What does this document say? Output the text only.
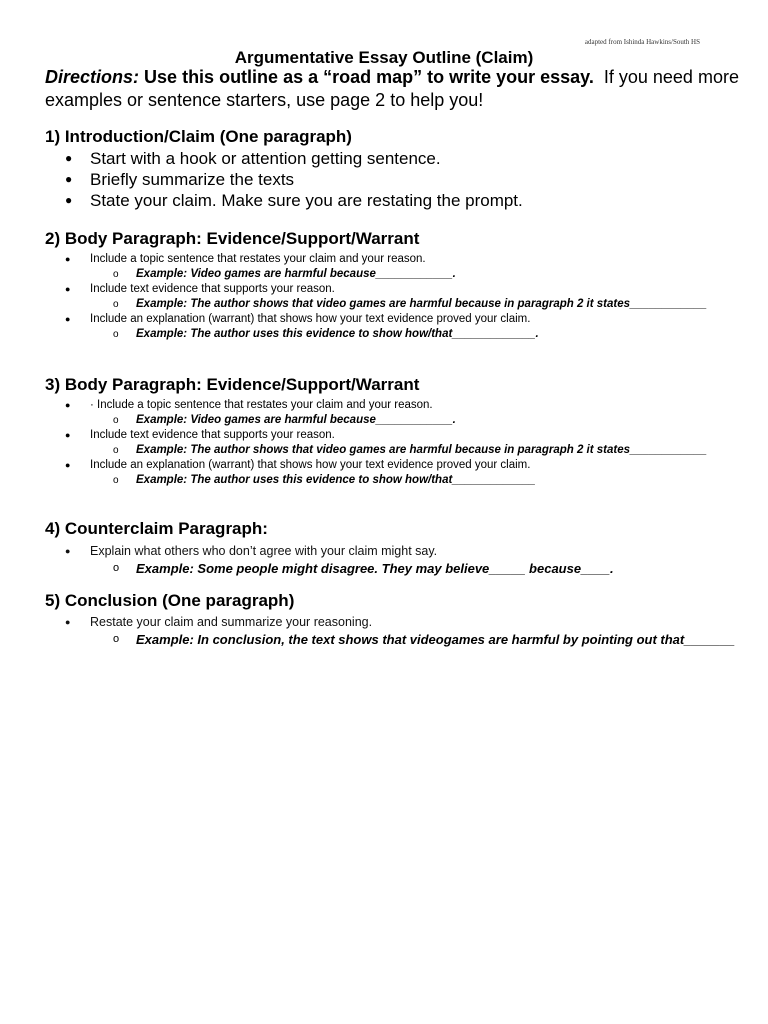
adapted from Ishinda Hawkins/South HS
Argumentative Essay Outline (Claim)
Directions: Use this outline as a “road map” to write your essay. If you need more examples or sentence starters, use page 2 to help you!

1) Introduction/Claim (One paragraph)

● Start with a hook or attention getting sentence.
● Briefly summarize the texts
● State your claim. Make sure you are restating the prompt.

2) Body Paragraph: Evidence/Support/Warrant

● Include a topic sentence that restates your claim and your reason.
o Example: Video games are harmful because____________.
● Include text evidence that supports your reason.
o Example: The author shows that video games are harmful because in paragraph 2 it states____________
● Include an explanation (warrant) that shows how your text evidence proved your claim.
o Example: The author uses this evidence to show how/that_____________.

3) Body Paragraph: Evidence/Support/Warrant

● · Include a topic sentence that restates your claim and your reason.
o Example: Video games are harmful because____________.
● Include text evidence that supports your reason.
o Example: The author shows that video games are harmful because in paragraph 2 it states____________
● Include an explanation (warrant) that shows how your text evidence proved your claim.
o Example: The author uses this evidence to show how/that_____________

4) Counterclaim Paragraph:

● Explain what others who don’t agree with your claim might say.
o Example: Some people might disagree. They may believe_____ because____.

5) Conclusion (One paragraph)

● Restate your claim and summarize your reasoning.
o Example: In conclusion, the text shows that videogames are harmful by pointing out that_______
